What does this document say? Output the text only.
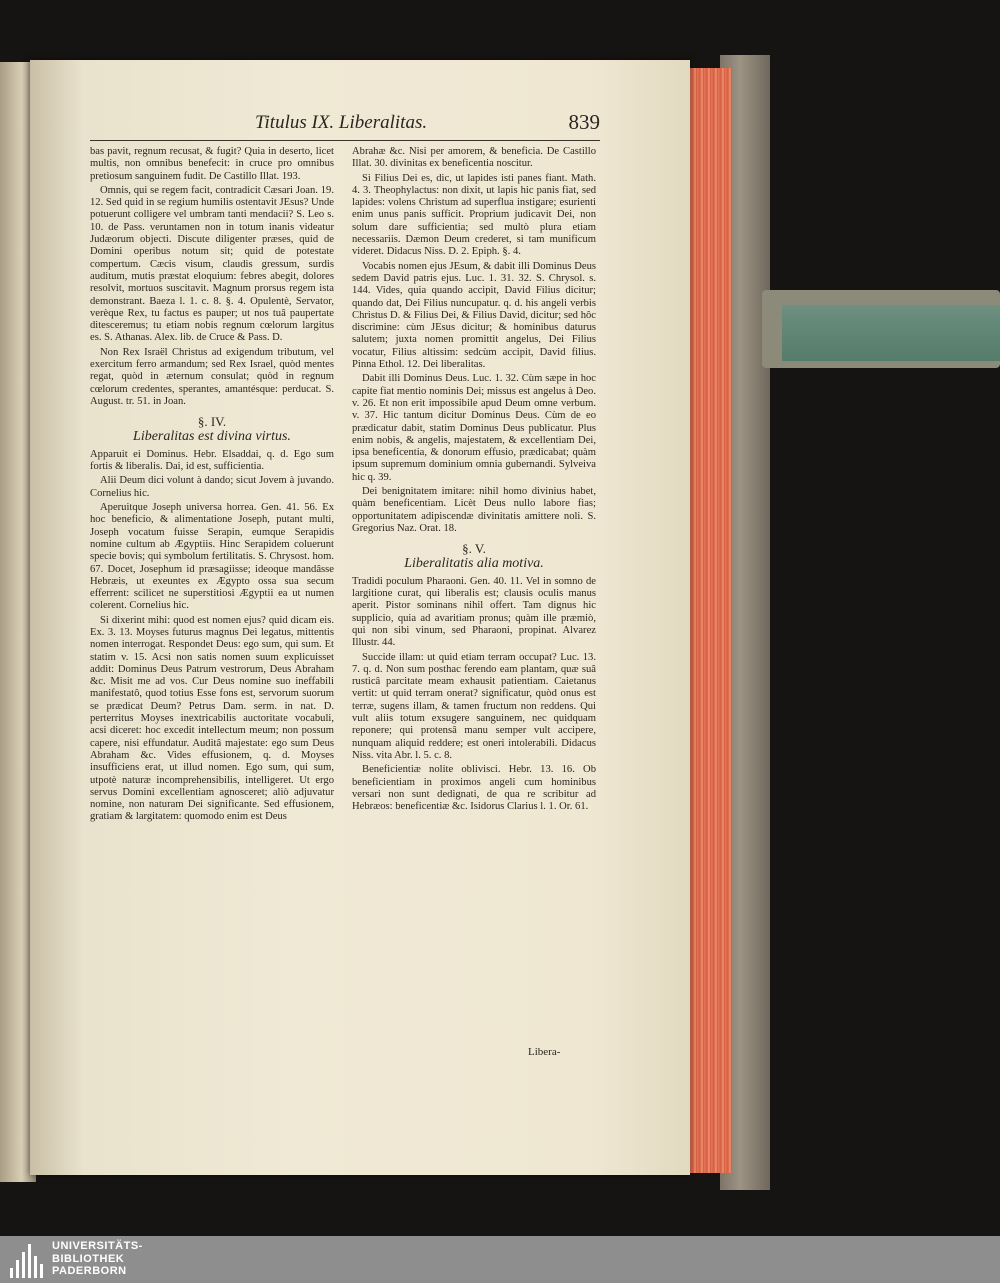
Titulus IX. Liberalitas.	839

bas pavit, regnum recusat, & fugit? Quia in deserto, licet multis, non omnibus benefecit: in cruce pro omnibus pretiosum sanguinem fudit. De Castillo Illat. 193.

Omnis, qui se regem facit, contradicit Cæsari Joan. 19. 12. Sed quid in se regium humilis ostentavit JEsus? Unde potuerunt colligere vel umbram tanti mendacii? S. Leo s. 10. de Pass. veruntamen non in totum inanis videatur Judæorum objecti. Discute diligenter præses, quid de Domini operibus notum sit; quid de potestate compertum. Cæcis visum, claudis gressum, surdis auditum, mutis præstat eloquium: febres abegit, dolores resolvit, mortuos suscitavit. Magnum prorsus regem ista demonstrant. Baeza l. 1. c. 8. §. 4. Opulentè, Servator, verèque Rex, tu factus es pauper; ut nos tuâ paupertate ditesceremus; tu etiam nobis regnum cœlorum largitus es. S. Athanas. Alex. lib. de Cruce & Pass. D.

Non Rex Israël Christus ad exigendum tributum, vel exercitum ferro armandum; sed Rex Israel, quòd mentes regat, quòd in æternum consulat; quòd in regnum cœlorum credentes, sperantes, amantésque: perducat. S. August. tr. 51. in Joan.

§. IV.
Liberalitas est divina virtus.

Apparuit ei Dominus. Hebr. Elsaddai, q. d. Ego sum fortis & liberalis. Dai, id est, sufficientia.

Alii Deum dici volunt à dando; sicut Jovem à juvando. Cornelius hic.

Aperuitque Joseph universa horrea. Gen. 41. 56. Ex hoc beneficio, & alimentatione Joseph, putant multi, Joseph vocatum fuisse Serapin, eumque Serapidis nomine cultum ab Ægyptiis. Hinc Serapidem coluerunt specie bovis; qui symbolum fertilitatis. S. Chrysost. hom. 67. Docet, Josephum id præsagiisse; ideoque mandâsse Hebræis, ut exeuntes ex Ægypto ossa sua secum efferrent: scilicet ne superstitiosi Ægyptii ea ut numen colerent. Cornelius hic.

Si dixerint mihi: quod est nomen ejus? quid dicam eis. Ex. 3. 13. Moyses futurus magnus Dei legatus, mittentis nomen interrogat. Respondet Deus: ego sum, qui sum. Et statim v. 15. Acsi non satis nomen suum explicuisset addit: Dominus Deus Patrum vestrorum, Deus Abraham &c. Misit me ad vos. Cur Deus nomine suo ineffabili manifestatô, quod totius Esse fons est, servorum suorum se prædicat Deum? Petrus Dam. serm. in nat. D. perterritus Moyses inextricabilis auctoritate vocabuli, acsi diceret: hoc excedit intellectum meum; non possum capere, nisi effundatur. Auditâ majestate: ego sum Deus Abraham &c. Vides effusionem, q. d. Moyses insufficiens erat, ut illud nomen. Ego sum, qui sum, utpotè naturæ incomprehensibilis, intelligeret. Ut ergo servus Domini excellentiam agnosceret; aliò adjuvatur nomine, non naturam Dei significante. Sed effusionem, gratiam & largitatem: quomodo enim est Deus

Abrahæ &c. Nisi per amorem, & beneficia. De Castillo Illat. 30. divinitas ex beneficentia noscitur.

Si Filius Dei es, dic, ut lapides isti panes fiant. Math. 4. 3. Theophylactus: non dixit, ut lapis hic panis fiat, sed lapides: volens Christum ad superflua instigare; esurienti enim unus panis sufficit. Proprium judicavit Dei, non solum dare sufficientia; sed multò plura etiam necessariis. Dæmon Deum crederet, si tam munificum videret. Didacus Niss. D. 2. Epiph. §. 4.

Vocabis nomen ejus JEsum, & dabit illi Dominus Deus sedem David patris ejus. Luc. 1. 31. 32. S. Chrysol. s. 144. Vides, quia quando accipit, David Filius dicitur; quando dat, Dei Filius nuncupatur. q. d. his angeli verbis Christus D. & Filius Dei, & Filius David, dicitur; sed hôc discrimine: cùm JEsus dicitur; & hominibus daturus salutem; juxta nomen promittit angelus, Dei Filius vocatur, Filius altissim: sedcùm accipit, David filius. Pinna Ethol. 12. Dei liberalitas.

Dabit illi Dominus Deus. Luc. 1. 32. Cùm sæpe in hoc capite fiat mentio nominis Dei; missus est angelus à Deo. v. 26. Et non erit impossibile apud Deum omne verbum. v. 37. Hic tantum dicitur Dominus Deus. Cùm de eo prædicatur dabit, statim Dominus Deus publicatur. Plus enim nobis, & angelis, majestatem, & excellentiam Dei, ipsa beneficentia, & donorum effusio, prædicabat; quàm ipsum supremum dominium omnia gubernandi. Sylveiva hic q. 39.

Dei benignitatem imitare: nihil homo divinius habet, quàm beneficentiam. Licèt Deus nullo labore fias; opportunitatem adipiscendæ divinitatis amittere noli. S. Gregorius Naz. Orat. 18.

§. V.
Liberalitatis alia motiva.

Tradidi poculum Pharaoni. Gen. 40. 11. Vel in somno de largitione curat, qui liberalis est; clausis oculis manus aperit. Pistor sominans nihil offert. Tam dignus hic supplicio, quia ad avaritiam pronus; quàm ille præmiò, qui non sibi vinum, sed Pharaoni, propinat. Alvarez Illustr. 44.

Succide illam: ut quid etiam terram occupat? Luc. 13. 7. q. d. Non sum posthac ferendo eam plantam, quæ suâ rusticâ parcitate meam exhausit patientiam. Caietanus vertit: ut quid terram onerat? significatur, quòd onus est terræ, sugens illam, & tamen fructum non reddens. Qui vult aliis totum exsugere sanguinem, nec quidquam reponere; qui protensâ manu semper vult accipere, nunquam aliquid reddere; est oneri intolerabili. Didacus Niss. vita Abr. l. 5. c. 8.

Beneficientiæ nolite oblivisci. Hebr. 13. 16. Ob beneficientiam in proximos angeli cum hominibus versari non sunt dedignati, de qua re scribitur ad Hebræos: beneficentiæ &c. Isidorus Clarius l. 1. Or. 61.

Libera-
UNIVERSITÄTS-
BIBLIOTHEK
PADERBORN
